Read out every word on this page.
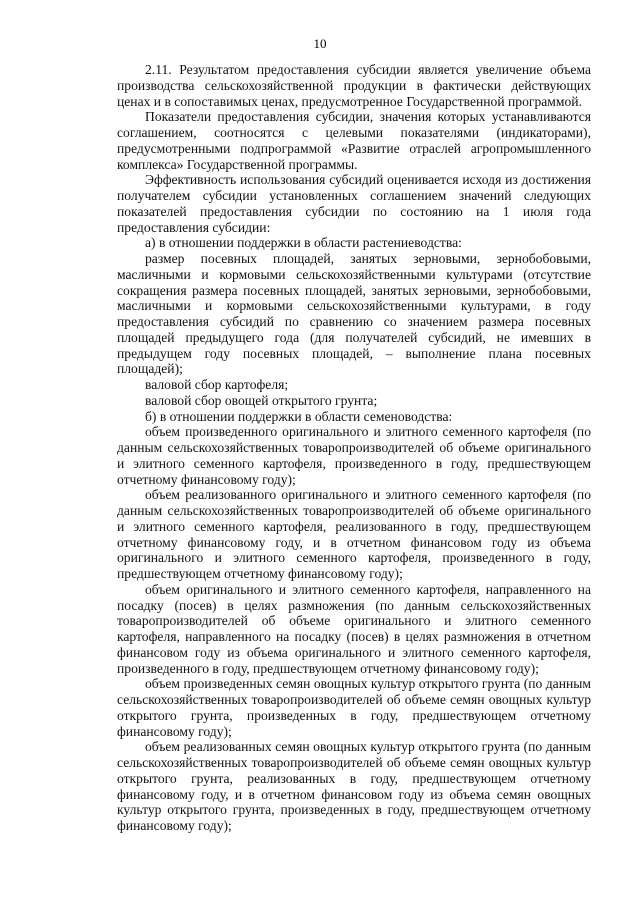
10

2.11. Результатом предоставления субсидии является увеличение объема производства сельскохозяйственной продукции в фактически действующих ценах и в сопоставимых ценах, предусмотренное Государственной программой.

Показатели предоставления субсидии, значения которых устанавливаются соглашением, соотносятся с целевыми показателями (индикаторами), предусмотренными подпрограммой «Развитие отраслей агропромышленного комплекса» Государственной программы.

Эффективность использования субсидий оценивается исходя из достижения получателем субсидии установленных соглашением значений следующих показателей предоставления субсидии по состоянию на 1 июля года предоставления субсидии:

а) в отношении поддержки в области растениеводства:

размер посевных площадей, занятых зерновыми, зернобобовыми, масличными и кормовыми сельскохозяйственными культурами (отсутствие сокращения размера посевных площадей, занятых зерновыми, зернобобовыми, масличными и кормовыми сельскохозяйственными культурами, в году предоставления субсидий по сравнению со значением размера посевных площадей предыдущего года (для получателей субсидий, не имевших в предыдущем году посевных площадей, – выполнение плана посевных площадей);

валовой сбор картофеля;

валовой сбор овощей открытого грунта;

б) в отношении поддержки в области семеноводства:

объем произведенного оригинального и элитного семенного картофеля (по данным сельскохозяйственных товаропроизводителей об объеме оригинального и элитного семенного картофеля, произведенного в году, предшествующем отчетному финансовому году);

объем реализованного оригинального и элитного семенного картофеля (по данным сельскохозяйственных товаропроизводителей об объеме оригинального и элитного семенного картофеля, реализованного в году, предшествующем отчетному финансовому году, и в отчетном финансовом году из объема оригинального и элитного семенного картофеля, произведенного в году, предшествующем отчетному финансовому году);

объем оригинального и элитного семенного картофеля, направленного на посадку (посев) в целях размножения (по данным сельскохозяйственных товаропроизводителей об объеме оригинального и элитного семенного картофеля, направленного на посадку (посев) в целях размножения в отчетном финансовом году из объема оригинального и элитного семенного картофеля, произведенного в году, предшествующем отчетному финансовому году);

объем произведенных семян овощных культур открытого грунта (по данным сельскохозяйственных товаропроизводителей об объеме семян овощных культур открытого грунта, произведенных в году, предшествующем отчетному финансовому году);

объем реализованных семян овощных культур открытого грунта (по данным сельскохозяйственных товаропроизводителей об объеме семян овощных культур открытого грунта, реализованных в году, предшествующем отчетному финансовому году, и в отчетном финансовом году из объема семян овощных культур открытого грунта, произведенных в году, предшествующем отчетному финансовому году);
